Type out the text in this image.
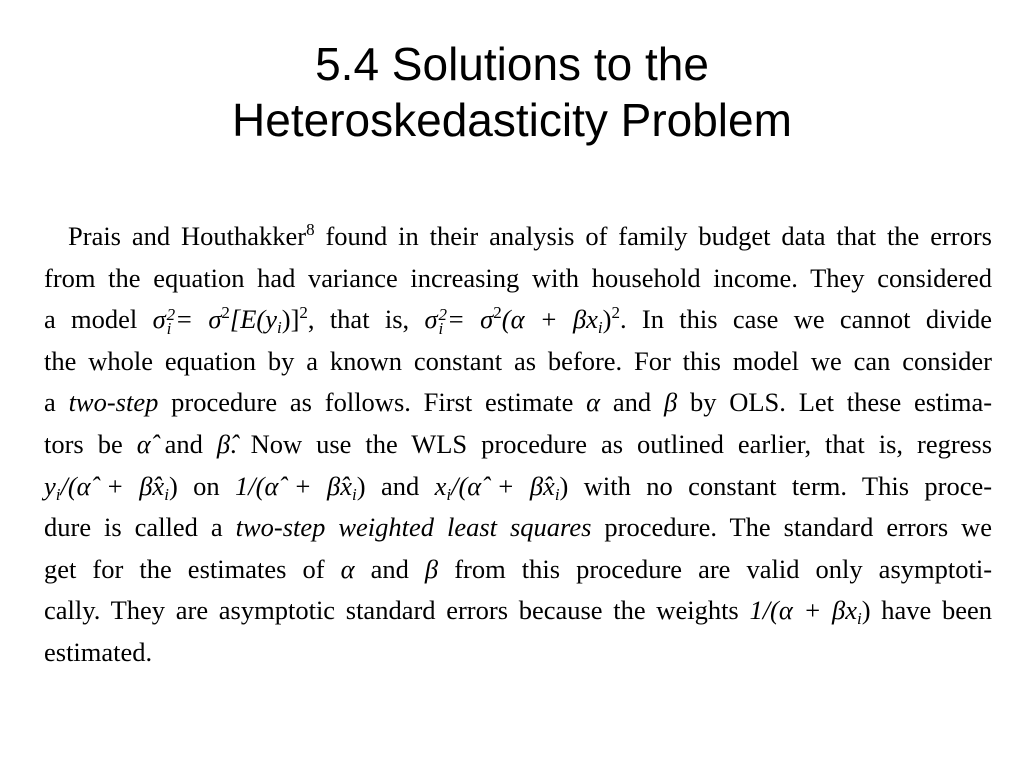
5.4 Solutions to the
Heteroskedasticity Problem
Prais and Houthakker$^8$ found in their analysis of family budget data that the errors
from the equation had variance increasing with household income. They considered
a model σ 2
$i = \sigma^2[E(y_i)]^2$, that is, σ 2
$i = \sigma^2(\alpha + \beta x_i)^2$. In this case we cannot divide
the whole equation by a known constant as before. For this model we can consider
a two-step procedure as follows. First estimate α and β by OLS. Let these estima-
tors be α̂ and β̂. Now use the WLS procedure as outlined earlier, that is, regress
$y_i/(\alphâ$ + $\betâx_i$) on 1/(α̂ + $\betâx_i$) and $x_i/(\alphâ$ + $\betâx_i$) with no constant term. This proce-
dure is called a two-step weighted least squares procedure. The standard errors we
get for the estimates of α and β from this procedure are valid only asymptoti-
cally. They are asymptotic standard errors because the weights $1/(\alpha + \beta x_i)$ have been
estimated.
